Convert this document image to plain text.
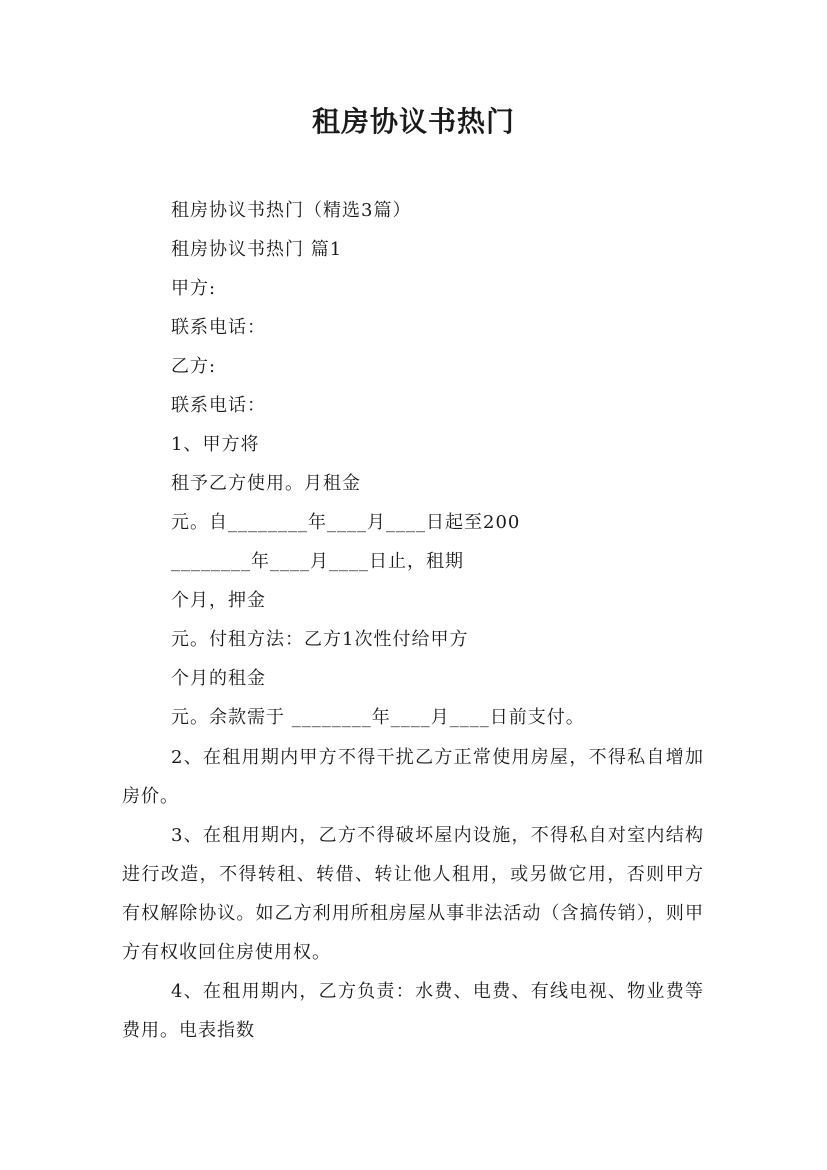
租房协议书热门
租房协议书热门（精选3篇）
租房协议书热门 篇1
甲方:
联系电话：
乙方:
联系电话：
1、甲方将
租予乙方使用。月租金
元。自________年____月____日起至200
________年____月____日止，租期
个月，押金
元。付租方法：乙方1次性付给甲方
个月的租金
元。余款需于 ________年____月____日前支付。
2、在租用期内甲方不得干扰乙方正常使用房屋，不得私自增加房价。
3、在租用期内，乙方不得破坏屋内设施，不得私自对室内结构进行改造，不得转租、转借、转让他人租用，或另做它用，否则甲方有权解除协议。如乙方利用所租房屋从事非法活动（含搞传销），则甲方有权收回住房使用权。
4、在租用期内，乙方负责：水费、电费、有线电视、物业费等费用。电表指数
